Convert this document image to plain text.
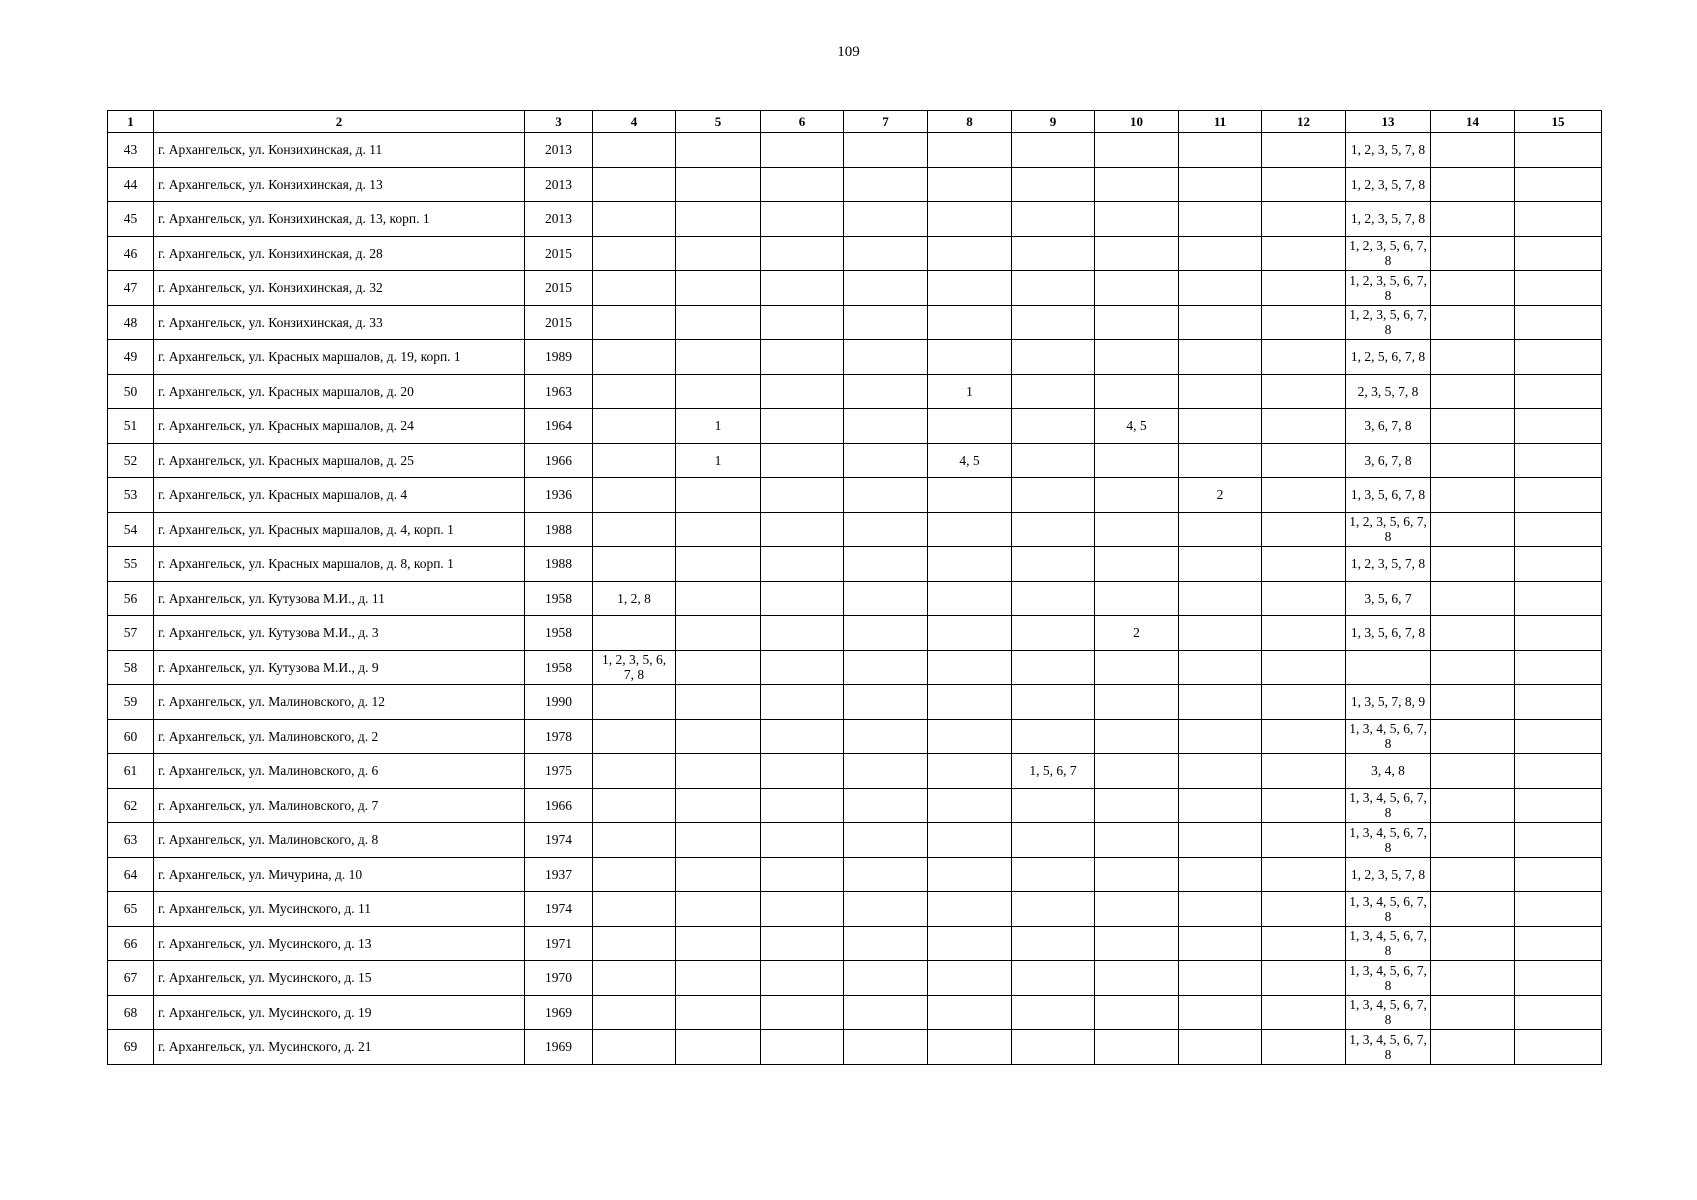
109
1	2	3	4	5	6	7	8	9	10	11	12	13	14	15
43	г. Архангельск, ул. Конзихинская, д. 11	2013										1, 2, 3, 5, 7, 8		
44	г. Архангельск, ул. Конзихинская, д. 13	2013										1, 2, 3, 5, 7, 8		
45	г. Архангельск, ул. Конзихинская, д. 13, корп. 1	2013										1, 2, 3, 5, 7, 8		
46	г. Архангельск, ул. Конзихинская, д. 28	2015										1, 2, 3, 5, 6, 7, 8		
47	г. Архангельск, ул. Конзихинская, д. 32	2015										1, 2, 3, 5, 6, 7, 8		
48	г. Архангельск, ул. Конзихинская, д. 33	2015										1, 2, 3, 5, 6, 7, 8		
49	г. Архангельск, ул. Красных маршалов, д. 19, корп. 1	1989										1, 2, 5, 6, 7, 8		
50	г. Архангельск, ул. Красных маршалов, д. 20	1963					1					2, 3, 5, 7, 8		
51	г. Архангельск, ул. Красных маршалов, д. 24	1964		1					4, 5			3, 6, 7, 8		
52	г. Архангельск, ул. Красных маршалов, д. 25	1966		1			4, 5					3, 6, 7, 8		
53	г. Архангельск, ул. Красных маршалов, д. 4	1936								2		1, 3, 5, 6, 7, 8		
54	г. Архангельск, ул. Красных маршалов, д. 4, корп. 1	1988										1, 2, 3, 5, 6, 7, 8		
55	г. Архангельск, ул. Красных маршалов, д. 8, корп. 1	1988										1, 2, 3, 5, 7, 8		
56	г. Архангельск, ул. Кутузова М.И., д. 11	1958	1, 2, 8									3, 5, 6, 7		
57	г. Архангельск, ул. Кутузова М.И., д. 3	1958							2			1, 3, 5, 6, 7, 8		
58	г. Архангельск, ул. Кутузова М.И., д. 9	1958	1, 2, 3, 5, 6, 7, 8											
59	г. Архангельск, ул. Малиновского, д. 12	1990										1, 3, 5, 7, 8, 9		
60	г. Архангельск, ул. Малиновского, д. 2	1978										1, 3, 4, 5, 6, 7, 8		
61	г. Архангельск, ул. Малиновского, д. 6	1975						1, 5, 6, 7				3, 4, 8		
62	г. Архангельск, ул. Малиновского, д. 7	1966										1, 3, 4, 5, 6, 7, 8		
63	г. Архангельск, ул. Малиновского, д. 8	1974										1, 3, 4, 5, 6, 7, 8		
64	г. Архангельск, ул. Мичурина, д. 10	1937										1, 2, 3, 5, 7, 8		
65	г. Архангельск, ул. Мусинского, д. 11	1974										1, 3, 4, 5, 6, 7, 8		
66	г. Архангельск, ул. Мусинского, д. 13	1971										1, 3, 4, 5, 6, 7, 8		
67	г. Архангельск, ул. Мусинского, д. 15	1970										1, 3, 4, 5, 6, 7, 8		
68	г. Архангельск, ул. Мусинского, д. 19	1969										1, 3, 4, 5, 6, 7, 8		
69	г. Архангельск, ул. Мусинского, д. 21	1969										1, 3, 4, 5, 6, 7, 8		
